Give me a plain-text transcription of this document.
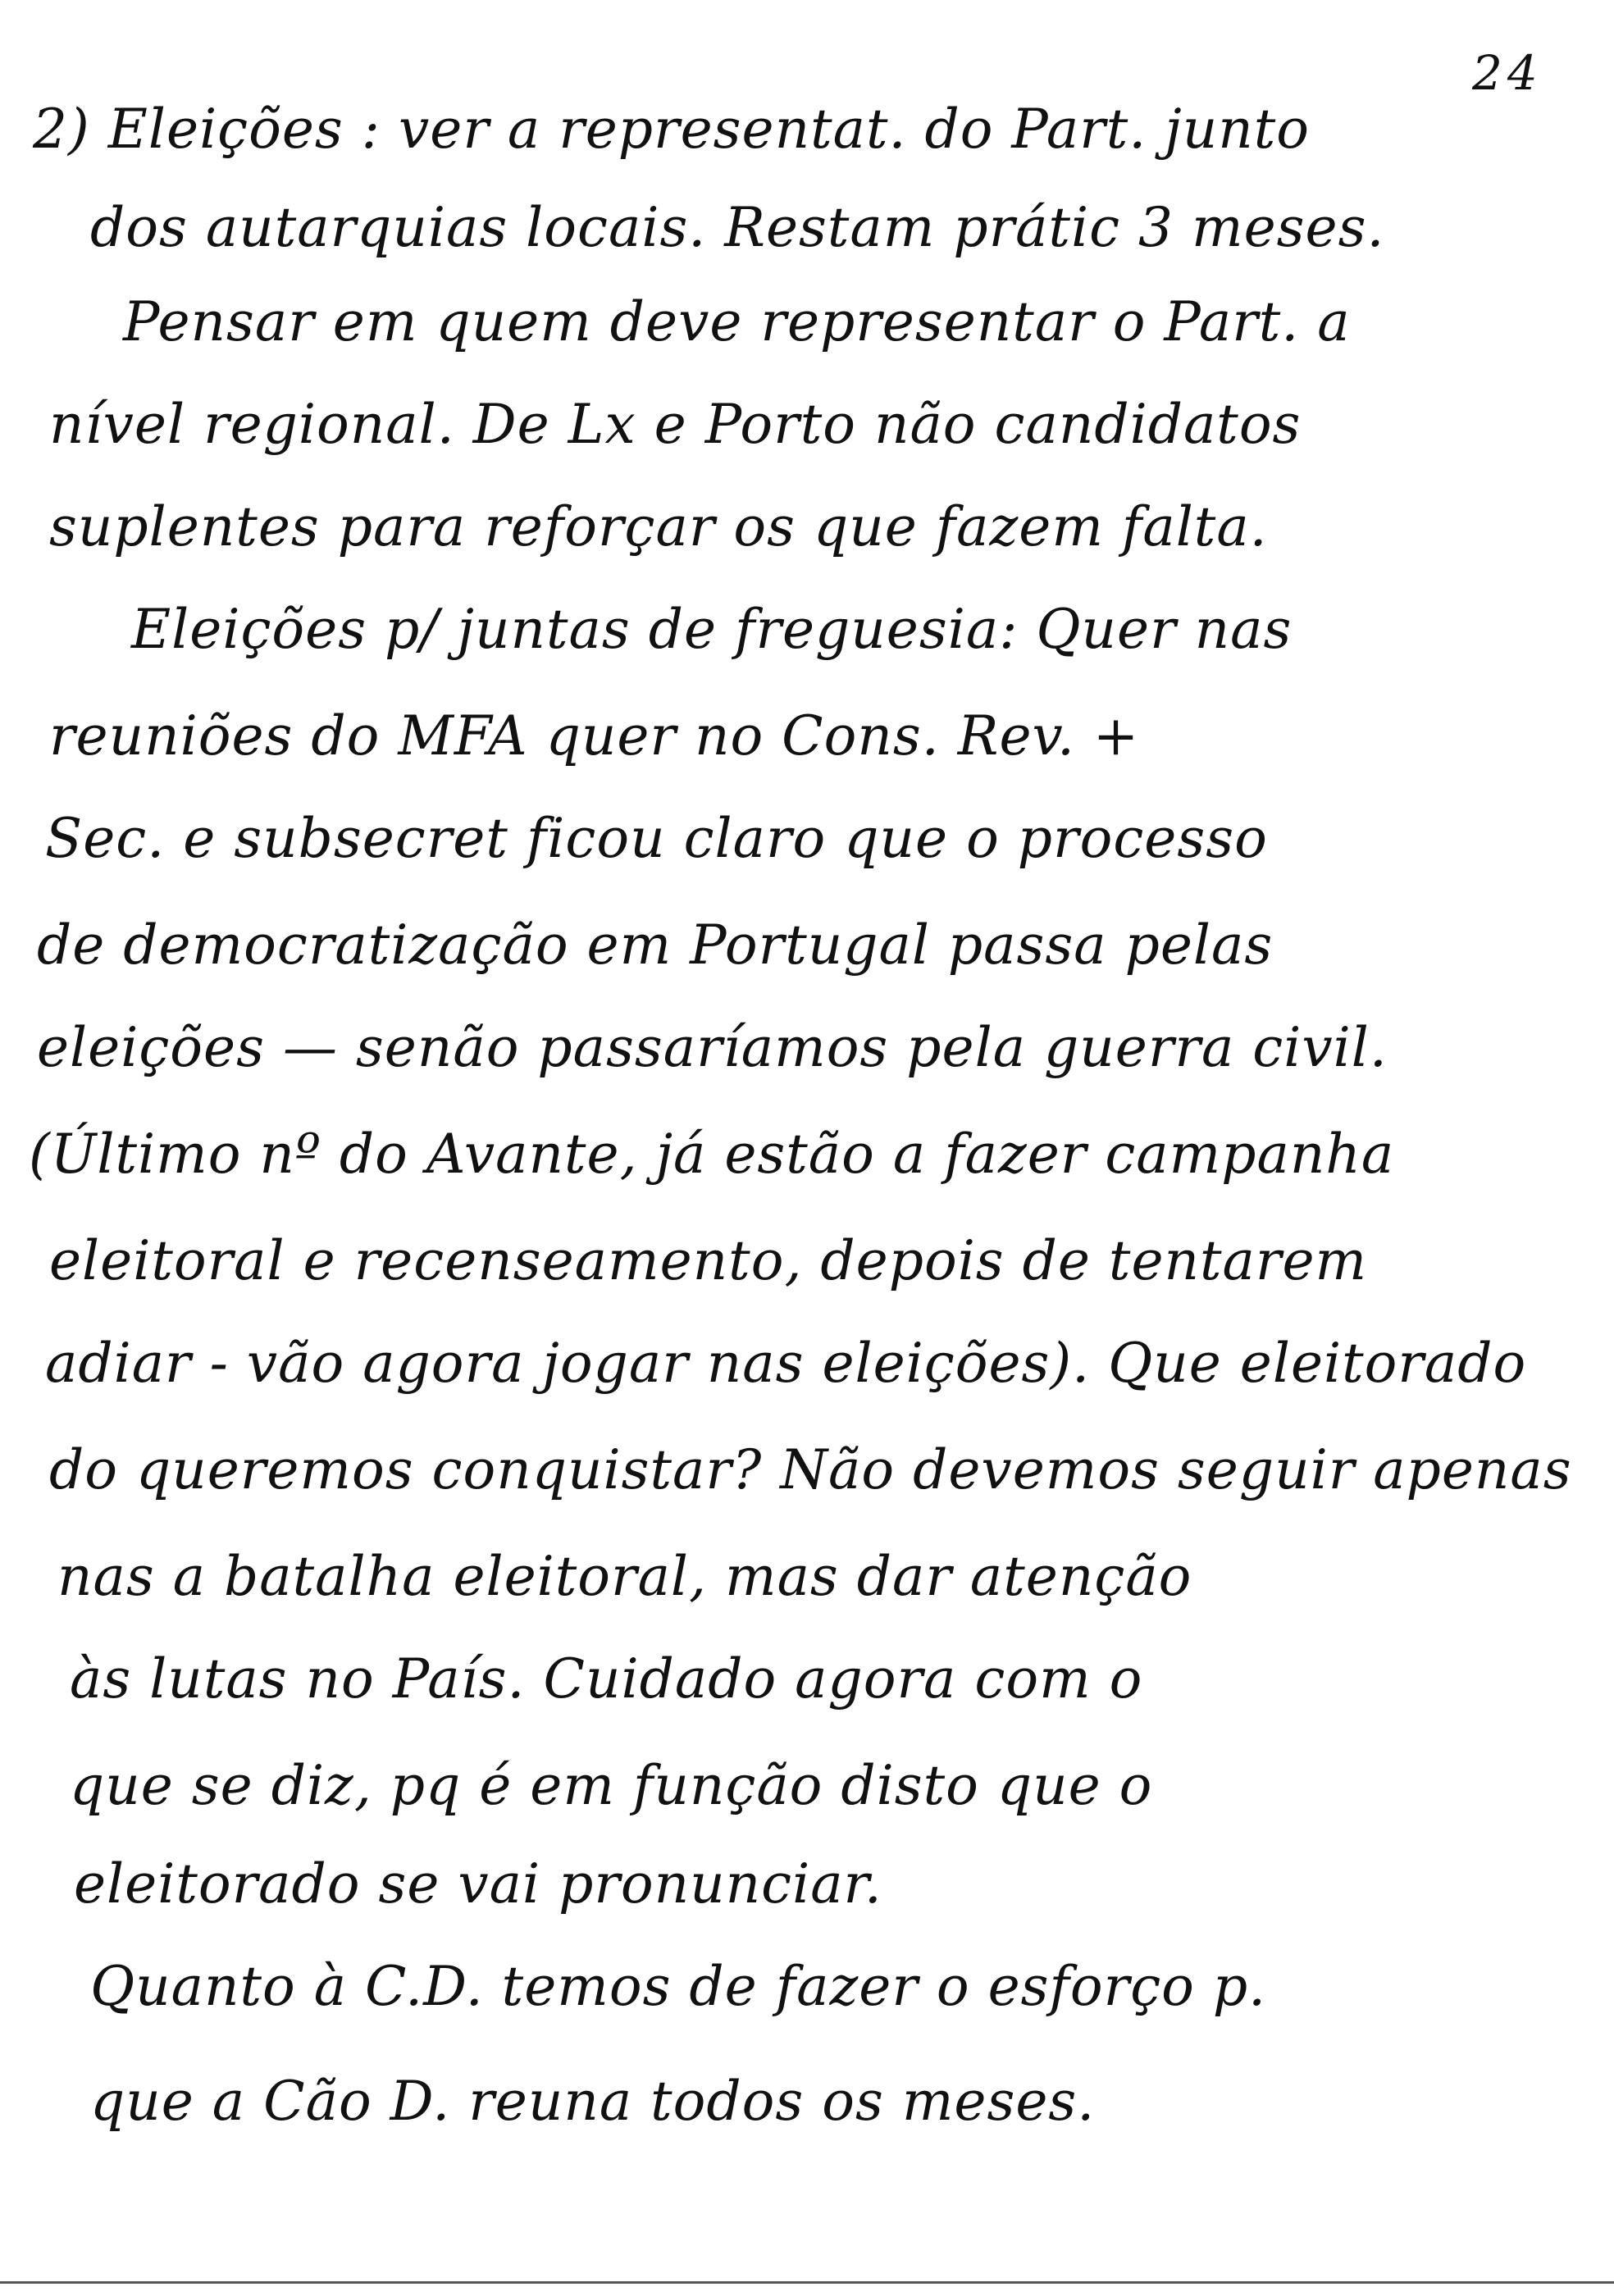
24
2) Eleições : ver a representat. do Part. junto
dos autarquias locais. Restam prátic 3 meses.
Pensar em quem deve representar o Part. a
nível regional. De Lx e Porto não candidatos
suplentes para reforçar os que fazem falta.
Eleições p/ juntas de freguesia: Quer nas
reuniões do MFA quer no Cons. Rev. +
Sec. e subsecret ficou claro que o processo
de democratização em Portugal passa pelas
eleições — senão passaríamos pela guerra civil.
(Último nº do Avante, já estão a fazer campanha
eleitoral e recenseamento, depois de tentarem
adiar - vão agora jogar nas eleições). Que eleitorado
do queremos conquistar? Não devemos seguir apenas
nas a batalha eleitoral, mas dar atenção
às lutas no País. Cuidado agora com o
que se diz, pq é em função disto que o
eleitorado se vai pronunciar.
Quanto à C.D. temos de fazer o esforço p.
que a Cão D. reuna todos os meses.
